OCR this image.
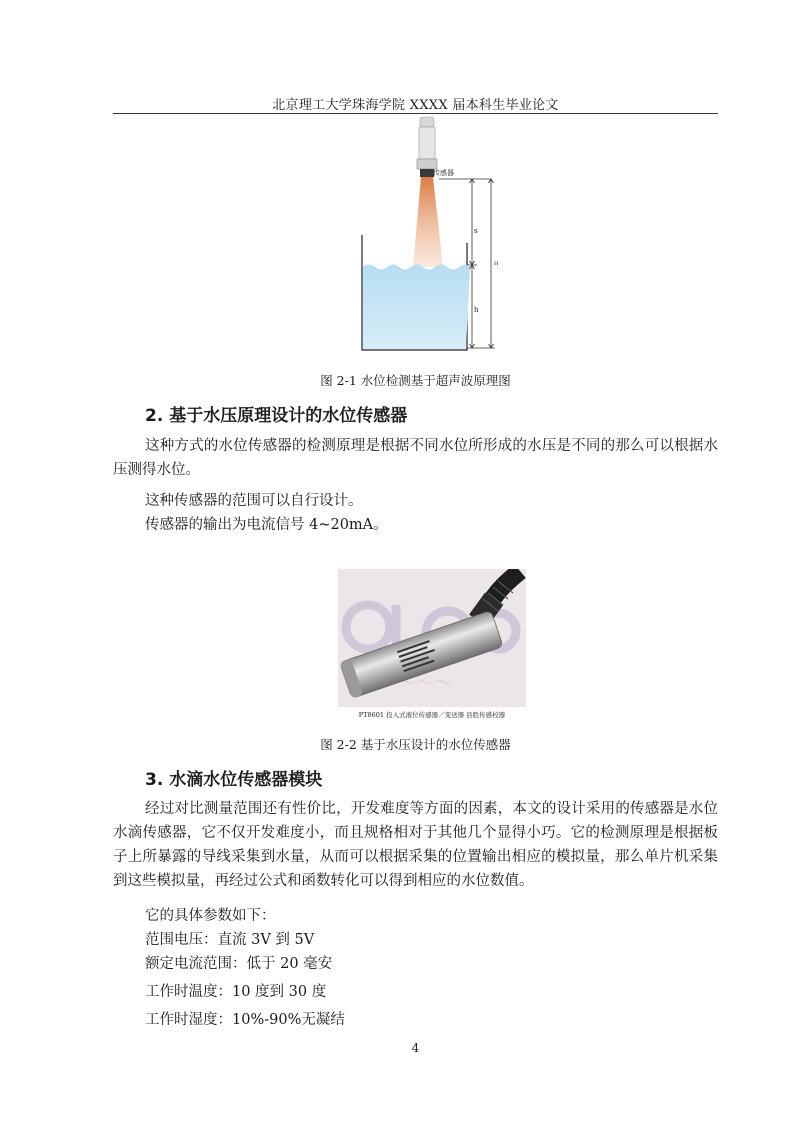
北京理工大学珠海学院 XXXX 届本科生毕业论文
传感器
s
h
H
图 2-1 水位检测基于超声波原理图
2. 基于水压原理设计的水位传感器

这种方式的水位传感器的检测原理是根据不同水位所形成的水压是不同的那么可以根据水压测得水位。

这种传感器的范围可以自行设计。
传感器的输出为电流信号 4~20mA。
～～～
PT8601 投入式液位传感器／变送器 县胜传感校器
图 2-2 基于水压设计的水位传感器
3. 水滴水位传感器模块

经过对比测量范围还有性价比，开发难度等方面的因素，本文的设计采用的传感器是水位水滴传感器，它不仅开发难度小，而且规格相对于其他几个显得小巧。它的检测原理是根据板子上所暴露的导线采集到水量，从而可以根据采集的位置输出相应的模拟量，那么单片机采集到这些模拟量，再经过公式和函数转化可以得到相应的水位数值。

它的具体参数如下：
范围电压：直流 3V 到 5V
额定电流范围：低于 20 毫安
工作时温度：10 度到 30 度
工作时湿度：10%-90%无凝结
4
